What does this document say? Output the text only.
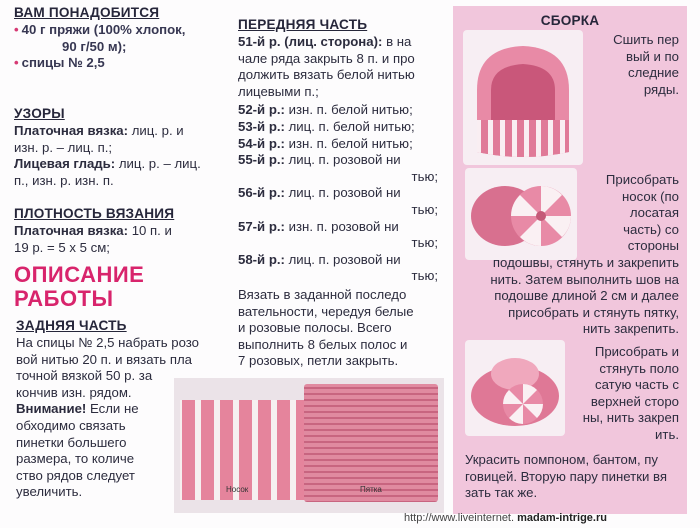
ВАМ ПОНАДОБИТСЯ
• 40 г пряжи (100% хлопок,
90 г/50 м);
• спицы № 2,5
УЗОРЫ
Платочная вязка: лиц. р. и
изн. р. – лиц. п.;
Лицевая гладь: лиц. р. – лиц.
п., изн. р. изн. п.
ПЛОТНОСТЬ ВЯЗАНИЯ
Платочная вязка: 10 п. и
19 р. = 5 х 5 см;
ОПИСАНИЕ
РАБОТЫ
ЗАДНЯЯ ЧАСТЬ
На спицы № 2,5 набрать розо
вой нитью 20 п. и вязать пла
точной вязкой 50 р. за
кончив изн. рядом.
Внимание! Если не
обходимо связать
пинетки большего
размера, то количе
ство рядов следует
увеличить.
ПЕРЕДНЯЯ ЧАСТЬ
51-й р. (лиц. сторона): в на
чале ряда закрыть 8 п. и про
должить вязать белой нитью
лицевыми п.;
52-й р.: изн. п. белой нитью;
53-й р.: лиц. п. белой нитью;
54-й р.: изн. п. белой нитью;
55-й р.: лиц. п. розовой ни
тью;
56-й р.: лиц. п. розовой ни
тью;
57-й р.: изн. п. розовой ни
тью;
58-й р.: лиц. п. розовой ни
тью;
Вязать в заданной последо
вательности, чередуя белые
и розовые полосы. Всего
выполнить 8 белых полос и
7 розовых, петли закрыть.
Носок	Пятка
СБОРКА
Сшить пер
вый и по
следние
ряды.
Присобрать
носок (по
лосатая
часть) со
стороны
подошвы, стянуть и закрепить
нить. Затем выполнить шов на
подошве длиной 2 см и далее
присобрать и стянуть пятку,
нить закрепить.
Присобрать и
стянуть поло
сатую часть с
верхней сторо
ны, нить закреп
ить.
Украсить помпоном, бантом, пу
говицей. Вторую пару пинетки вя
зать так же.
http://www.liveinternet. madam-intrige.ru
